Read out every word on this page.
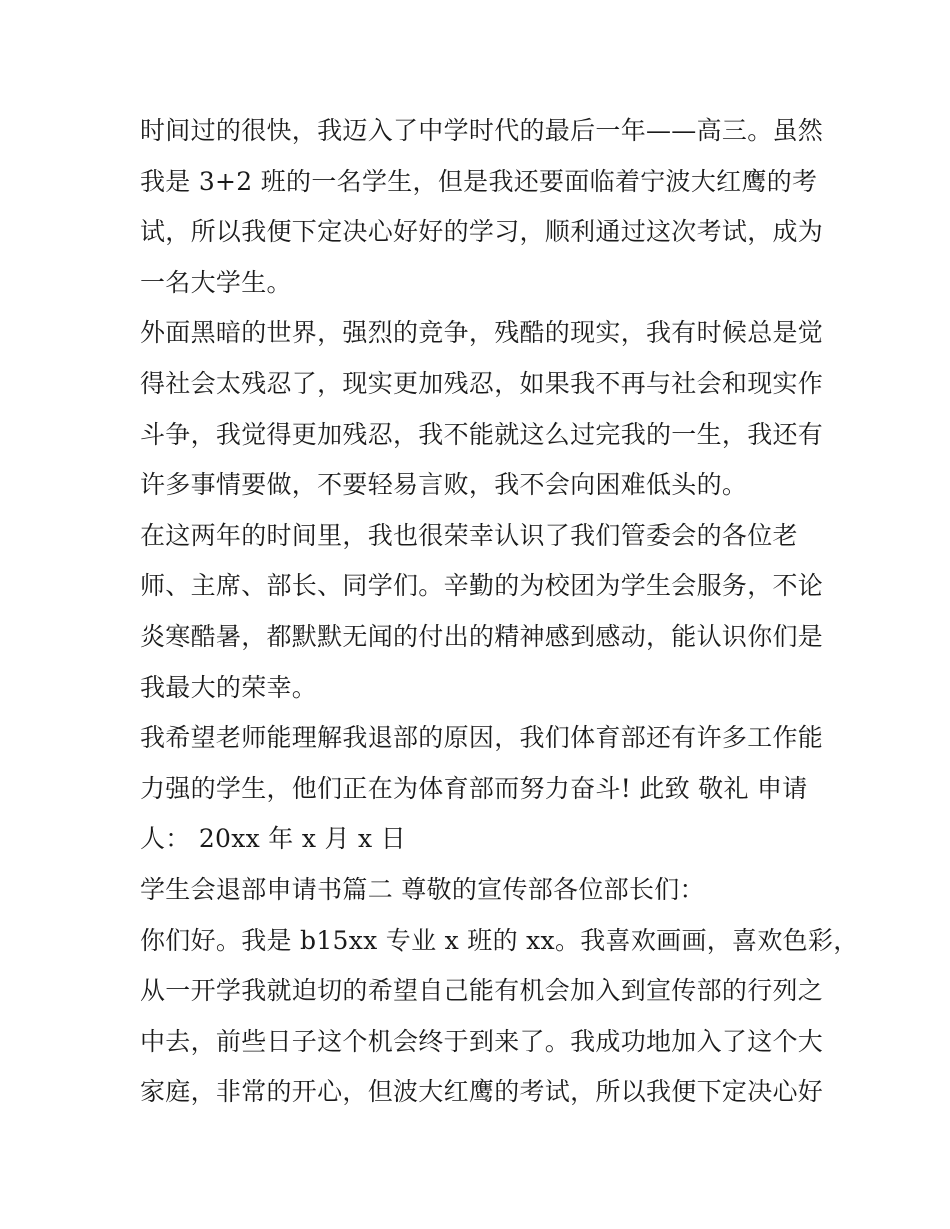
时间过的很快，我迈入了中学时代的最后一年——高三。虽然
我是 3+2 班的一名学生，但是我还要面临着宁波大红鹰的考
试，所以我便下定决心好好的学习，顺利通过这次考试，成为
一名大学生。
外面黑暗的世界，强烈的竞争，残酷的现实，我有时候总是觉
得社会太残忍了，现实更加残忍，如果我不再与社会和现实作
斗争，我觉得更加残忍，我不能就这么过完我的一生，我还有
许多事情要做，不要轻易言败，我不会向困难低头的。
在这两年的时间里，我也很荣幸认识了我们管委会的各位老
师、主席、部长、同学们。辛勤的为校团为学生会服务，不论
炎寒酷暑，都默默无闻的付出的精神感到感动，能认识你们是
我最大的荣幸。
我希望老师能理解我退部的原因，我们体育部还有许多工作能
力强的学生，他们正在为体育部而努力奋斗! 此致 敬礼 申请
人： 20xx 年 x 月 x 日
学生会退部申请书篇二 尊敬的宣传部各位部长们：
你们好。我是 b15xx 专业 x 班的 xx。我喜欢画画，喜欢色彩，
从一开学我就迫切的希望自己能有机会加入到宣传部的行列之
中去，前些日子这个机会终于到来了。我成功地加入了这个大
家庭，非常的开心，但波大红鹰的考试，所以我便下定决心好
